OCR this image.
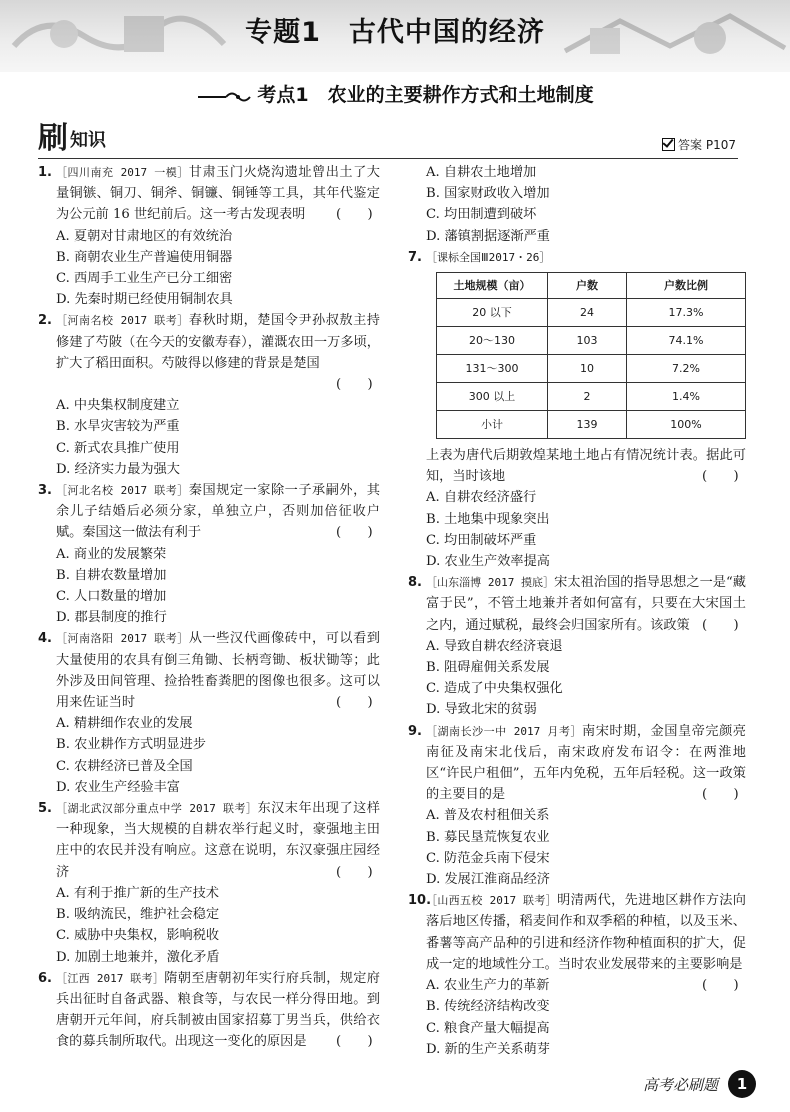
专题1　古代中国的经济
考点1　农业的主要耕作方式和土地制度
刷 知识	答案 P107
1. ［四川南充 2017 一模］甘肃玉门火烧沟遗址曾出土了大量铜镞、铜刀、铜斧、铜镰、铜锤等工具，其年代鉴定为公元前 16 世纪前后。这一考古发现表明 (　　)
A. 夏朝对甘肃地区的有效统治
B. 商朝农业生产普遍使用铜器
C. 西周手工业生产已分工细密
D. 先秦时期已经使用铜制农具
2. ［河南名校 2017 联考］春秋时期，楚国令尹孙叔敖主持修建了芍陂（在今天的安徽寿春），灌溉农田一万多顷，扩大了稻田面积。芍陂得以修建的背景是楚国
(　　)
A. 中央集权制度建立
B. 水旱灾害较为严重
C. 新式农具推广使用
D. 经济实力最为强大
3. ［河北名校 2017 联考］秦国规定一家除一子承嗣外，其余儿子结婚后必须分家，单独立户，否则加倍征收户赋。秦国这一做法有利于	(　　)
A. 商业的发展繁荣
B. 自耕农数量增加
C. 人口数量的增加
D. 郡县制度的推行
4. ［河南洛阳 2017 联考］从一些汉代画像砖中，可以看到大量使用的农具有倒三角锄、长柄弯锄、板状锄等；此外涉及田间管理、捡拾牲畜粪肥的图像也很多。这可以用来佐证当时	(　　)
A. 精耕细作农业的发展
B. 农业耕作方式明显进步
C. 农耕经济已普及全国
D. 农业生产经验丰富
5. ［湖北武汉部分重点中学 2017 联考］东汉末年出现了这样一种现象，当大规模的自耕农举行起义时，豪强地主田庄中的农民并没有响应。这意在说明，东汉豪强庄园经济	(　　)
A. 有利于推广新的生产技术
B. 吸纳流民，维护社会稳定
C. 威胁中央集权，影响税收
D. 加剧土地兼并，激化矛盾
6. ［江西 2017 联考］隋朝至唐朝初年实行府兵制，规定府兵出征时自备武器、粮食等，与农民一样分得田地。到唐朝开元年间，府兵制被由国家招募丁男当兵，供给衣食的募兵制所取代。出现这一变化的原因是 (　　)
A. 自耕农土地增加
B. 国家财政收入增加
C. 均田制遭到破坏
D. 藩镇割据逐渐严重
7. ［课标全国Ⅲ2017・26］
土地规模（亩）	户数	户数比例
20 以下	24	17.3%
20～130	103	74.1%
131～300	10	7.2%
300 以上	2	1.4%
小计	139	100%
上表为唐代后期敦煌某地土地占有情况统计表。据此可知，当时该地	(　　)
A. 自耕农经济盛行
B. 土地集中现象突出
C. 均田制破坏严重
D. 农业生产效率提高
8. ［山东淄博 2017 摸底］宋太祖治国的指导思想之一是“藏富于民”，不管土地兼并者如何富有，只要在大宋国土之内，通过赋税，最终会归国家所有。该政策 (　　)
A. 导致自耕农经济衰退
B. 阻碍雇佣关系发展
C. 造成了中央集权强化
D. 导致北宋的贫弱
9. ［湖南长沙一中 2017 月考］南宋时期，金国皇帝完颜亮南征及南宋北伐后，南宋政府发布诏令：在两淮地区“许民户租佃”，五年内免税，五年后轻税。这一政策的主要目的是	(　　)
A. 普及农村租佃关系
B. 募民垦荒恢复农业
C. 防范金兵南下侵宋
D. 发展江淮商品经济
10.
［山西五校 2017 联考］明清两代，先进地区耕作方法向落后地区传播，稻麦间作和双季稻的种植，以及玉米、番薯等高产品种的引进和经济作物种植面积的扩大，促成一定的地域性分工。当时农业发展带来的主要影响是
(　　)
A. 农业生产力的革新
B. 传统经济结构改变
C. 粮食产量大幅提高
D. 新的生产关系萌芽
高考必刷题	1
